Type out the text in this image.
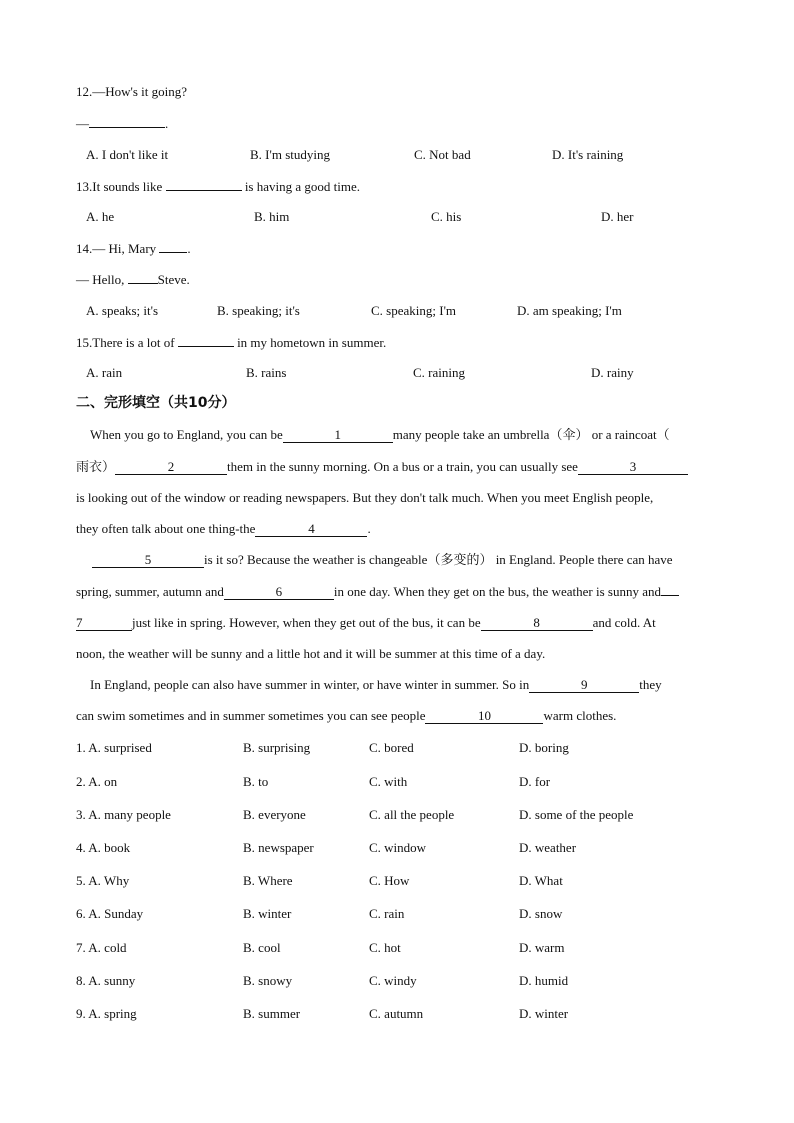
12.—How's it going?
—	.
A. I don't like it	B. I'm studying	C. Not bad	D. It's raining
13.It sounds like	is having a good time.
A. he	B. him	C. his	D. her
14.— Hi, Mary .
— Hello, Steve.
A. speaks; it's	B. speaking; it's	C. speaking; I'm	D. am speaking; I'm
15.There is a lot of	in my hometown in summer.
A. rain	B. rains	C. raining	D. rainy
二、完形填空（共10分）
When you go to England, you can be	1	many people take an umbrella（伞） or a raincoat（
雨衣）	2	them in the sunny morning. On a bus or a train, you can usually see	3
is looking out of the window or reading newspapers. But they don't talk much. When you meet English people,
they often talk about one thing-the	4	.
5	is it so? Because the weather is changeable（多变的） in England. People there can have
spring, summer, autumn and	6	in one day. When they get on the bus, the weather is sunny and
7	just like in spring. However, when they get out of the bus, it can be	8	and cold. At
noon, the weather will be sunny and a little hot and it will be summer at this time of a day.
In England, people can also have summer in winter, or have winter in summer. So in	9	they
can swim sometimes and in summer sometimes you can see people	10	warm clothes.
1. A. surprised	B. surprising	C. bored	D. boring
2. A. on	B. to	C. with	D. for
3. A. many people	B. everyone	C. all the people	D. some of the people
4. A. book	B. newspaper	C. window	D. weather
5. A. Why	B. Where	C. How	D. What
6. A. Sunday	B. winter	C. rain	D. snow
7. A. cold	B. cool	C. hot	D. warm
8. A. sunny	B. snowy	C. windy	D. humid
9. A. spring	B. summer	C. autumn	D. winter
